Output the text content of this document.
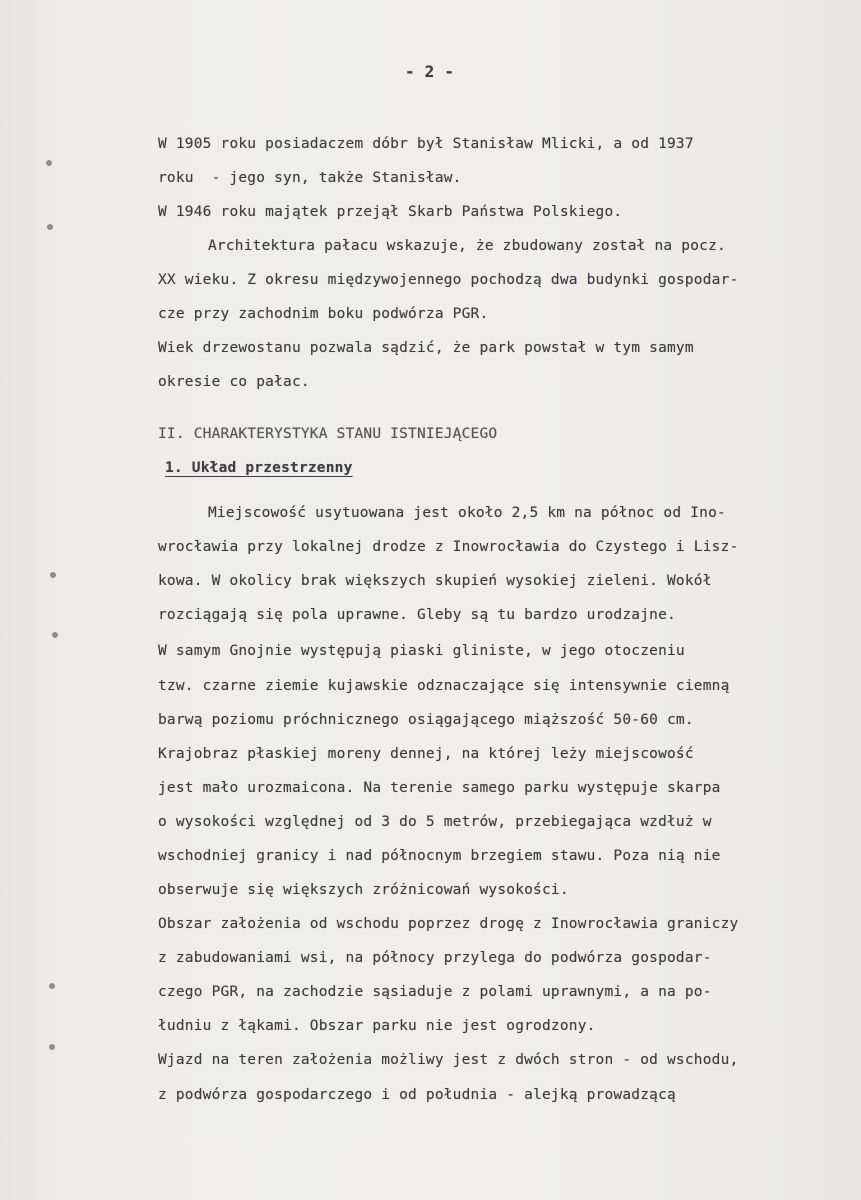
- 2 -
W 1905 roku posiadaczem dóbr był Stanisław Mlicki, a od 1937
roku  - jego syn, także Stanisław.
W 1946 roku majątek przejął Skarb Państwa Polskiego.
Architektura pałacu wskazuje, że zbudowany został na pocz.
XX wieku. Z okresu międzywojennego pochodzą dwa budynki gospodar-
cze przy zachodnim boku podwórza PGR.
Wiek drzewostanu pozwala sądzić, że park powstał w tym samym
okresie co pałac.
II. CHARAKTERYSTYKA STANU ISTNIEJĄCEGO
1. Układ przestrzenny
Miejscowość usytuowana jest około 2,5 km na północ od Ino-
wrocławia przy lokalnej drodze z Inowrocławia do Czystego i Lisz-
kowa. W okolicy brak większych skupień wysokiej zieleni. Wokół
rozciągają się pola uprawne. Gleby są tu bardzo urodzajne.
W samym Gnojnie występują piaski gliniste, w jego otoczeniu
tzw. czarne ziemie kujawskie odznaczające się intensywnie ciemną
barwą poziomu próchnicznego osiągającego miąższość 50-60 cm.
Krajobraz płaskiej moreny dennej, na której leży miejscowość
jest mało urozmaicona. Na terenie samego parku występuje skarpa
o wysokości względnej od 3 do 5 metrów, przebiegająca wzdłuż w
wschodniej granicy i nad północnym brzegiem stawu. Poza nią nie
obserwuje się większych zróżnicowań wysokości.
Obszar założenia od wschodu poprzez drogę z Inowrocławia graniczy
z zabudowaniami wsi, na północy przylega do podwórza gospodar-
czego PGR, na zachodzie sąsiaduje z polami uprawnymi, a na po-
łudniu z łąkami. Obszar parku nie jest ogrodzony.
Wjazd na teren założenia możliwy jest z dwóch stron - od wschodu,
z podwórza gospodarczego i od południa - alejką prowadzącą
